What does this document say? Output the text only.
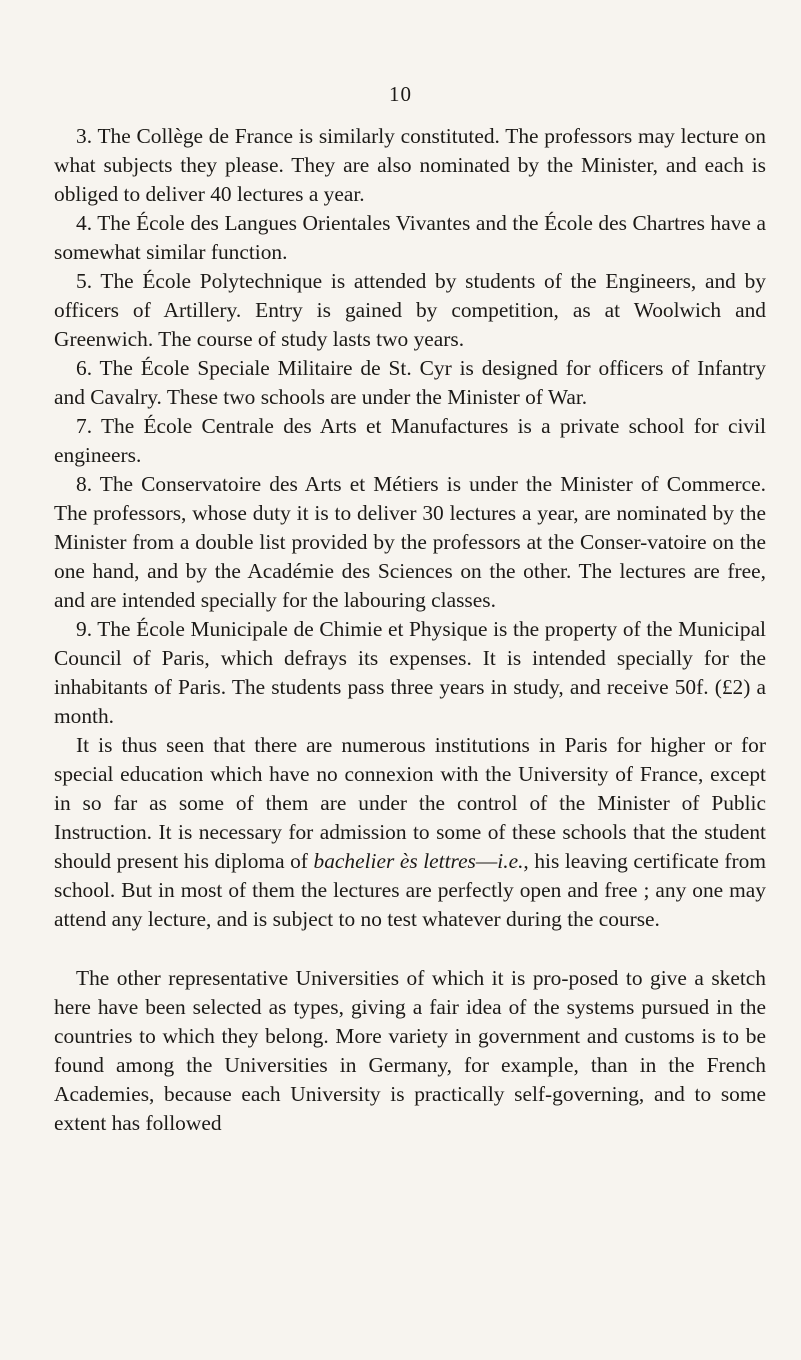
10

3. The Collège de France is similarly constituted. The professors may lecture on what subjects they please. They are also nominated by the Minister, and each is obliged to deliver 40 lectures a year.

4. The École des Langues Orientales Vivantes and the École des Chartres have a somewhat similar function.

5. The École Polytechnique is attended by students of the Engineers, and by officers of Artillery. Entry is gained by competition, as at Woolwich and Greenwich. The course of study lasts two years.

6. The École Speciale Militaire de St. Cyr is designed for officers of Infantry and Cavalry. These two schools are under the Minister of War.

7. The École Centrale des Arts et Manufactures is a private school for civil engineers.

8. The Conservatoire des Arts et Métiers is under the Minister of Commerce. The professors, whose duty it is to deliver 30 lectures a year, are nominated by the Minister from a double list provided by the professors at the Conser-vatoire on the one hand, and by the Académie des Sciences on the other. The lectures are free, and are intended specially for the labouring classes.

9. The École Municipale de Chimie et Physique is the property of the Municipal Council of Paris, which defrays its expenses. It is intended specially for the inhabitants of Paris. The students pass three years in study, and receive 50f. (£2) a month.

It is thus seen that there are numerous institutions in Paris for higher or for special education which have no connexion with the University of France, except in so far as some of them are under the control of the Minister of Public Instruction. It is necessary for admission to some of these schools that the student should present his diploma of bachelier ès lettres—i.e., his leaving certificate from school. But in most of them the lectures are perfectly open and free ; any one may attend any lecture, and is subject to no test whatever during the course.

The other representative Universities of which it is pro-posed to give a sketch here have been selected as types, giving a fair idea of the systems pursued in the countries to which they belong. More variety in government and customs is to be found among the Universities in Germany, for example, than in the French Academies, because each University is practically self-governing, and to some extent has followed
